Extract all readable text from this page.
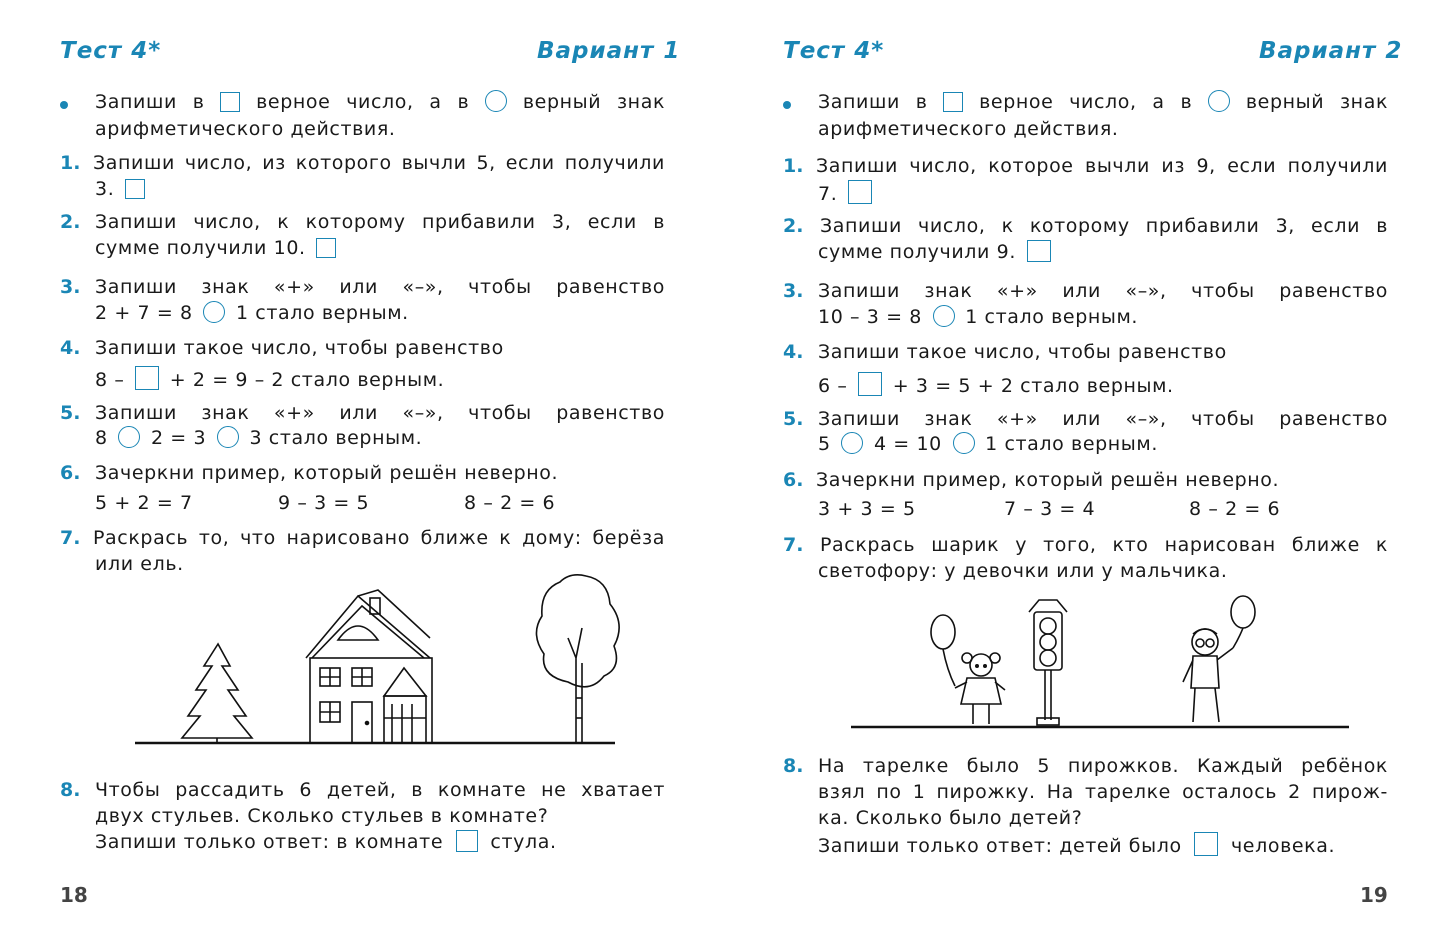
Тест 4*	Вариант 1
Запиши в	верное число, а в	верный знак
арифметического действия.
1. Запиши число, из которого вычли 5, если получили
3.
2. Запиши число, к которому прибавили 3, если в
сумме получили 10.
3. Запиши знак «+» или «–», чтобы равенство
2 + 7 = 8 1 стало верным.
4. Запиши такое число, чтобы равенство
8 – + 2 = 9 – 2 стало верным.
5. Запиши знак «+» или «–», чтобы равенство
8 2 = 3 3 стало верным.
6. Зачеркни пример, который решён неверно.
5 + 2 = 7	9 – 3 = 5	8 – 2 = 6
7. Раскрась то, что нарисовано ближе к дому: берёза
или ель.
8. Чтобы рассадить 6 детей, в комнате не хватает
двух стульев. Сколько стульев в комнате?
Запиши только ответ: в комнате стула.
18
Тест 4*	Вариант 2
Запиши в	верное число, а в	верный знак
арифметического действия.
1. Запиши число, которое вычли из 9, если получили
7.
2. Запиши число, к которому прибавили 3, если в
сумме получили 9.
3. Запиши знак «+» или «–», чтобы равенство
10 – 3 = 8 1 стало верным.
4. Запиши такое число, чтобы равенство
6 – + 3 = 5 + 2 стало верным.
5. Запиши знак «+» или «–», чтобы равенство
5 4 = 10 1 стало верным.
6. Зачеркни пример, который решён неверно.
3 + 3 = 5	7 – 3 = 4	8 – 2 = 6
7. Раскрась шарик у того, кто нарисован ближе к
светофору: у девочки или у мальчика.
8. На тарелке было 5 пирожков. Каждый ребёнок
взял по 1 пирожку. На тарелке осталось 2 пирож-
ка. Сколько было детей?
Запиши только ответ: детей было	человека.
19
